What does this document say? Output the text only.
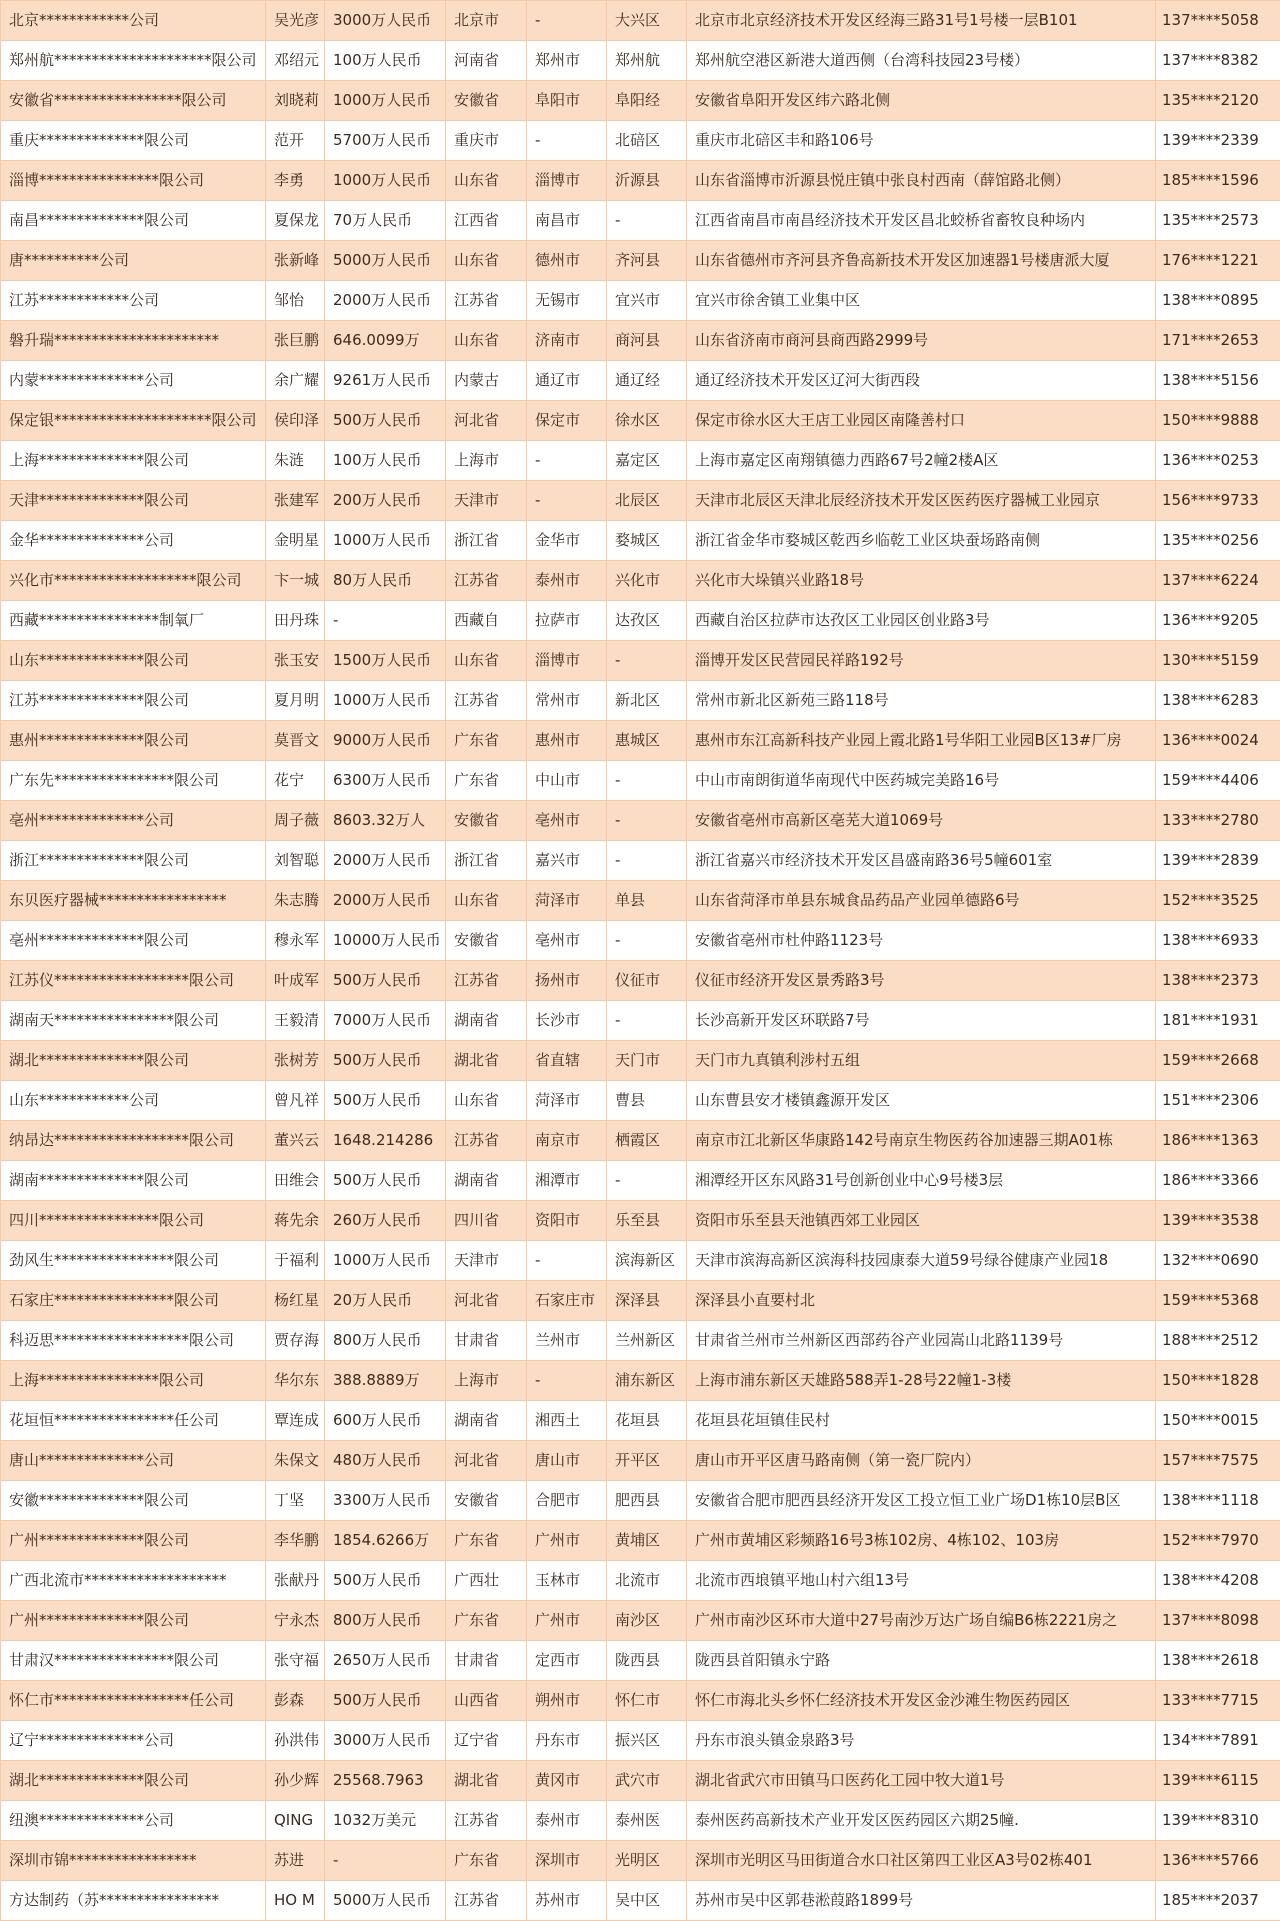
北京************公司	吴光彦	3000万人民币	北京市	-	大兴区	北京市北京经济技术开发区经海三路31号1号楼一层B101	137****5058
郑州航*********************限公司	邓绍元	100万人民币	河南省	郑州市	郑州航	郑州航空港区新港大道西侧（台湾科技园23号楼）	137****8382
安徽省*****************限公司	刘晓莉	1000万人民币	安徽省	阜阳市	阜阳经	安徽省阜阳开发区纬六路北侧	135****2120
重庆**************限公司	范开	5700万人民币	重庆市	-	北碚区	重庆市北碚区丰和路106号	139****2339
淄博****************限公司	李勇	1000万人民币	山东省	淄博市	沂源县	山东省淄博市沂源县悦庄镇中张良村西南（薛馆路北侧）	185****1596
南昌**************限公司	夏保龙	70万人民币	江西省	南昌市	-	江西省南昌市南昌经济技术开发区昌北蛟桥省畜牧良种场内	135****2573
唐**********公司	张新峰	5000万人民币	山东省	德州市	齐河县	山东省德州市齐河县齐鲁高新技术开发区加速器1号楼唐派大厦	176****1221
江苏************公司	邹怡	2000万人民币	江苏省	无锡市	宜兴市	宜兴市徐舍镇工业集中区	138****0895
磐升瑞**********************	张巨鹏	646.0099万	山东省	济南市	商河县	山东省济南市商河县商西路2999号	171****2653
内蒙**************公司	余广耀	9261万人民币	内蒙古	通辽市	通辽经	通辽经济技术开发区辽河大街西段	138****5156
保定银*********************限公司	侯印泽	500万人民币	河北省	保定市	徐水区	保定市徐水区大王店工业园区南隆善村口	150****9888
上海**************限公司	朱涟	100万人民币	上海市	-	嘉定区	上海市嘉定区南翔镇德力西路67号2幢2楼A区	136****0253
天津**************限公司	张建军	200万人民币	天津市	-	北辰区	天津市北辰区天津北辰经济技术开发区医药医疗器械工业园京	156****9733
金华**************公司	金明星	1000万人民币	浙江省	金华市	婺城区	浙江省金华市婺城区乾西乡临乾工业区块蚕场路南侧	135****0256
兴化市*******************限公司	卞一城	80万人民币	江苏省	泰州市	兴化市	兴化市大垛镇兴业路18号	137****6224
西藏****************制氧厂	田丹珠	-	西藏自	拉萨市	达孜区	西藏自治区拉萨市达孜区工业园区创业路3号	136****9205
山东**************限公司	张玉安	1500万人民币	山东省	淄博市	-	淄博开发区民营园民祥路192号	130****5159
江苏**************限公司	夏月明	1000万人民币	江苏省	常州市	新北区	常州市新北区新苑三路118号	138****6283
惠州**************限公司	莫晋文	9000万人民币	广东省	惠州市	惠城区	惠州市东江高新科技产业园上霞北路1号华阳工业园B区13#厂房	136****0024
广东先****************限公司	花宁	6300万人民币	广东省	中山市	-	中山市南朗街道华南现代中医药城完美路16号	159****4406
亳州**************公司	周子薇	8603.32万人	安徽省	亳州市	-	安徽省亳州市高新区亳芜大道1069号	133****2780
浙江**************限公司	刘智聪	2000万人民币	浙江省	嘉兴市	-	浙江省嘉兴市经济技术开发区昌盛南路36号5幢601室	139****2839
东贝医疗器械*****************	朱志腾	2000万人民币	山东省	菏泽市	单县	山东省菏泽市单县东城食品药品产业园单德路6号	152****3525
亳州**************限公司	穆永军	10000万人民币	安徽省	亳州市	-	安徽省亳州市杜仲路1123号	138****6933
江苏仪******************限公司	叶成军	500万人民币	江苏省	扬州市	仪征市	仪征市经济开发区景秀路3号	138****2373
湖南天****************限公司	王毅清	7000万人民币	湖南省	长沙市	-	长沙高新开发区环联路7号	181****1931
湖北**************限公司	张树芳	500万人民币	湖北省	省直辖	天门市	天门市九真镇利涉村五组	159****2668
山东************公司	曾凡祥	500万人民币	山东省	菏泽市	曹县	山东曹县安才楼镇鑫源开发区	151****2306
纳昂达******************限公司	董兴云	1648.214286	江苏省	南京市	栖霞区	南京市江北新区华康路142号南京生物医药谷加速器三期A01栋	186****1363
湖南**************限公司	田维会	500万人民币	湖南省	湘潭市	-	湘潭经开区东风路31号创新创业中心9号楼3层	186****3366
四川****************限公司	蒋先余	260万人民币	四川省	资阳市	乐至县	资阳市乐至县天池镇西郊工业园区	139****3538
劲风生****************限公司	于福利	1000万人民币	天津市	-	滨海新区	天津市滨海高新区滨海科技园康泰大道59号绿谷健康产业园18	132****0690
石家庄****************限公司	杨红星	20万人民币	河北省	石家庄市	深泽县	深泽县小直要村北	159****5368
科迈思******************限公司	贾存海	800万人民币	甘肃省	兰州市	兰州新区	甘肃省兰州市兰州新区西部药谷产业园嵩山北路1139号	188****2512
上海****************限公司	华尔东	388.8889万	上海市	-	浦东新区	上海市浦东新区天雄路588弄1-28号22幢1-3楼	150****1828
花垣恒****************任公司	覃连成	600万人民币	湖南省	湘西土	花垣县	花垣县花垣镇佳民村	150****0015
唐山**************公司	朱保文	480万人民币	河北省	唐山市	开平区	唐山市开平区唐马路南侧（第一瓷厂院内）	157****7575
安徽**************限公司	丁坚	3300万人民币	安徽省	合肥市	肥西县	安徽省合肥市肥西县经济开发区工投立恒工业广场D1栋10层B区	138****1118
广州**************限公司	李华鹏	1854.6266万	广东省	广州市	黄埔区	广州市黄埔区彩频路16号3栋102房、4栋102、103房	152****7970
广西北流市*******************	张献丹	500万人民币	广西壮	玉林市	北流市	北流市西埌镇平地山村六组13号	138****4208
广州**************限公司	宁永杰	800万人民币	广东省	广州市	南沙区	广州市南沙区环市大道中27号南沙万达广场自编B6栋2221房之	137****8098
甘肃汉****************限公司	张守福	2650万人民币	甘肃省	定西市	陇西县	陇西县首阳镇永宁路	138****2618
怀仁市******************任公司	彭森	500万人民币	山西省	朔州市	怀仁市	怀仁市海北头乡怀仁经济技术开发区金沙滩生物医药园区	133****7715
辽宁**************公司	孙洪伟	3000万人民币	辽宁省	丹东市	振兴区	丹东市浪头镇金泉路3号	134****7891
湖北**************限公司	孙少辉	25568.7963	湖北省	黄冈市	武穴市	湖北省武穴市田镇马口医药化工园中牧大道1号	139****6115
纽澳**************公司	QING	1032万美元	江苏省	泰州市	泰州医	泰州医药高新技术产业开发区医药园区六期25幢.	139****8310
深圳市锦*****************	苏进	-	广东省	深圳市	光明区	深圳市光明区马田街道合水口社区第四工业区A3号02栋401	136****5766
方达制药（苏****************	HO M	5000万人民币	江苏省	苏州市	吴中区	苏州市吴中区郭巷淞葭路1899号	185****2037
